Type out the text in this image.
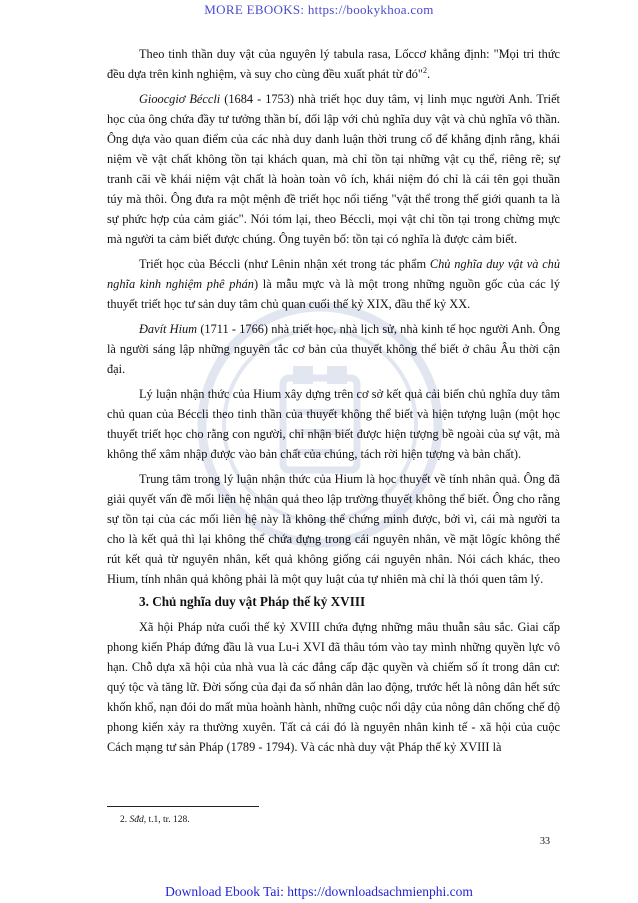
MORE EBOOKS: https://bookykhoa.com

Theo tinh thần duy vật của nguyên lý tabula rasa, Lốccơ khẳng định: "Mọi tri thức đều dựa trên kinh nghiệm, và suy cho cùng đều xuất phát từ đó"$^2$.

Gioocgiơ Béccli (1684 - 1753) nhà triết học duy tâm, vị linh mục người Anh. Triết học của ông chứa đầy tư tưởng thần bí, đối lập với chủ nghĩa duy vật và chủ nghĩa vô thần. Ông dựa vào quan điểm của các nhà duy danh luận thời trung cổ để khẳng định rằng, khái niệm về vật chất không tồn tại khách quan, mà chỉ tồn tại những vật cụ thể, riêng rẽ; sự tranh cãi về khái niệm vật chất là hoàn toàn vô ích, khái niệm đó chỉ là cái tên gọi thuần túy mà thôi. Ông đưa ra một mệnh đề triết học nổi tiếng "vật thể trong thế giới quanh ta là sự phức hợp của cảm giác". Nói tóm lại, theo Béccli, mọi vật chỉ tồn tại trong chừng mực mà người ta cảm biết được chúng. Ông tuyên bố: tồn tại có nghĩa là được cảm biết.

Triết học của Béccli (như Lênin nhận xét trong tác phẩm Chủ nghĩa duy vật và chủ nghĩa kinh nghiệm phê phán) là mẫu mực và là một trong những nguồn gốc của các lý thuyết triết học tư sản duy tâm chủ quan cuối thế kỷ XIX, đầu thế kỷ XX.

Đavít Hium (1711 - 1766) nhà triết học, nhà lịch sử, nhà kinh tế học người Anh. Ông là người sáng lập những nguyên tắc cơ bản của thuyết không thể biết ở châu Âu thời cận đại.

Lý luận nhận thức của Hium xây dựng trên cơ sở kết quả cải biến chủ nghĩa duy tâm chủ quan của Béccli theo tinh thần của thuyết không thể biết và hiện tượng luận (một học thuyết triết học cho rằng con người, chỉ nhận biết được hiện tượng bề ngoài của sự vật, mà không thể xâm nhập được vào bản chất của chúng, tách rời hiện tượng và bản chất).

Trung tâm trong lý luận nhận thức của Hium là học thuyết về tính nhân quả. Ông đã giải quyết vấn đề mối liên hệ nhân quả theo lập trường thuyết không thể biết. Ông cho rằng sự tồn tại của các mối liên hệ này là không thể chứng minh được, bởi vì, cái mà người ta cho là kết quả thì lại không thể chứa đựng trong cái nguyên nhân, về mặt lôgíc không thể rút kết quả từ nguyên nhân, kết quả không giống cái nguyên nhân. Nói cách khác, theo Hium, tính nhân quả không phải là một quy luật của tự nhiên mà chỉ là thói quen tâm lý.

3. Chủ nghĩa duy vật Pháp thế kỷ XVIII

Xã hội Pháp nửa cuối thế kỷ XVIII chứa đựng những mâu thuẫn sâu sắc. Giai cấp phong kiến Pháp đứng đầu là vua Lu-i XVI đã thâu tóm vào tay mình những quyền lực vô hạn. Chỗ dựa xã hội của nhà vua là các đẳng cấp đặc quyền và chiếm số ít trong dân cư: quý tộc và tăng lữ. Đời sống của đại đa số nhân dân lao động, trước hết là nông dân hết sức khốn khổ, nạn đói do mất mùa hoành hành, những cuộc nổi dậy của nông dân chống chế độ phong kiến xảy ra thường xuyên. Tất cả cái đó là nguyên nhân kinh tế - xã hội của cuộc Cách mạng tư sản Pháp (1789 - 1794). Và các nhà duy vật Pháp thế kỷ XVIII là

2. Sđd, t.1, tr. 128.
33
Download Ebook Tai: https://downloadsachmienphi.com
